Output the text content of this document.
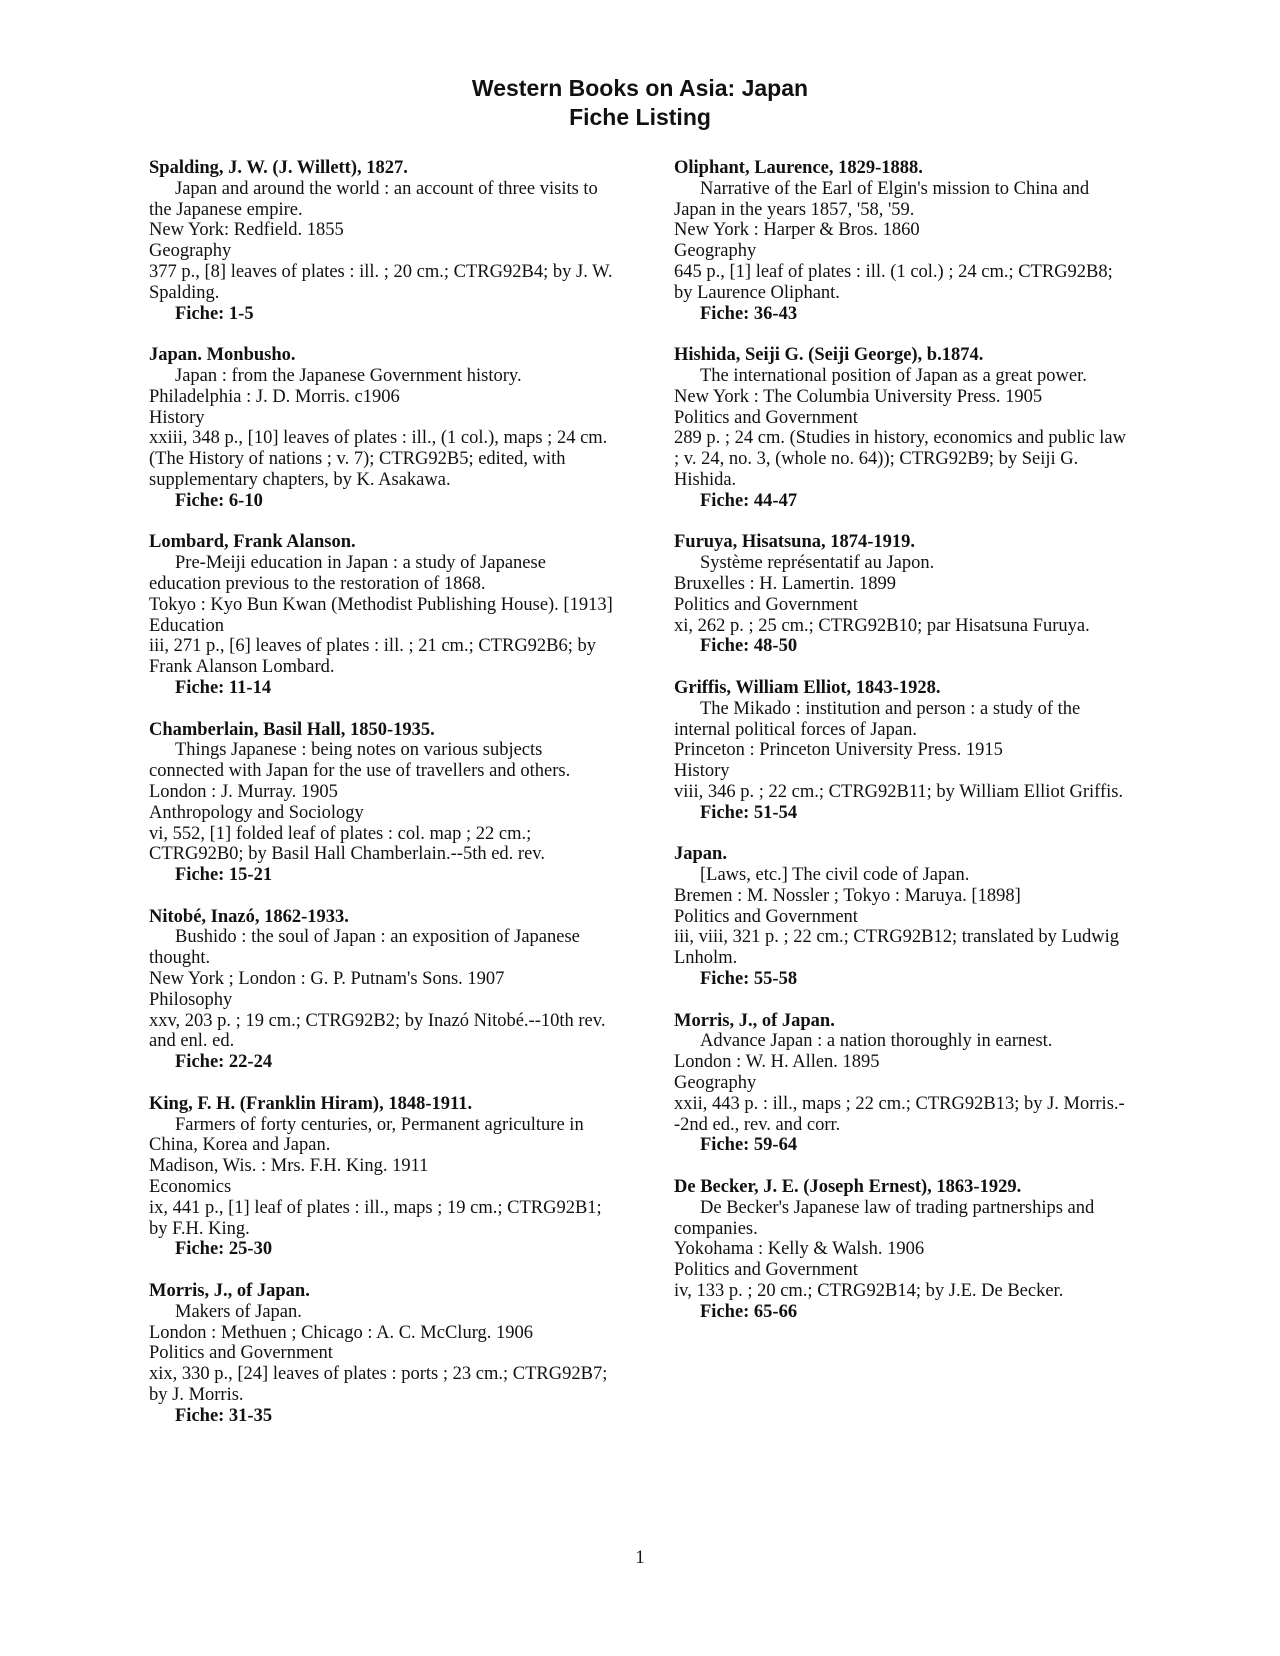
Western Books on Asia: Japan
Fiche Listing
Spalding, J. W. (J. Willett), 1827.
Japan and around the world : an account of three visits to the Japanese empire.
New York: Redfield. 1855
Geography
377 p., [8] leaves of plates : ill. ; 20 cm.; CTRG92B4; by J. W. Spalding.
Fiche: 1-5
Japan. Monbusho.
Japan : from the Japanese Government history.
Philadelphia : J. D. Morris. c1906
History
xxiii, 348 p., [10] leaves of plates : ill., (1 col.), maps ; 24 cm. (The History of nations ; v. 7); CTRG92B5; edited, with supplementary chapters, by K. Asakawa.
Fiche: 6-10
Lombard, Frank Alanson.
Pre-Meiji education in Japan : a study of Japanese education previous to the restoration of 1868.
Tokyo : Kyo Bun Kwan (Methodist Publishing House). [1913]
Education
iii, 271 p., [6] leaves of plates : ill. ; 21 cm.; CTRG92B6; by Frank Alanson Lombard.
Fiche: 11-14
Chamberlain, Basil Hall, 1850-1935.
Things Japanese : being notes on various subjects connected with Japan for the use of travellers and others.
London : J. Murray. 1905
Anthropology and Sociology
vi, 552, [1] folded leaf of plates : col. map ; 22 cm.; CTRG92B0; by Basil Hall Chamberlain.--5th ed. rev.
Fiche: 15-21
Nitobé, Inazó, 1862-1933.
Bushido : the soul of Japan : an exposition of Japanese thought.
New York ; London : G. P. Putnam's Sons. 1907
Philosophy
xxv, 203 p. ; 19 cm.; CTRG92B2; by Inazó Nitobé.--10th rev. and enl. ed.
Fiche: 22-24
King, F. H. (Franklin Hiram), 1848-1911.
Farmers of forty centuries, or, Permanent agriculture in China, Korea and Japan.
Madison, Wis. : Mrs. F.H. King. 1911
Economics
ix, 441 p., [1] leaf of plates : ill., maps ; 19 cm.; CTRG92B1; by F.H. King.
Fiche: 25-30
Morris, J., of Japan.
Makers of Japan.
London : Methuen ; Chicago : A. C. McClurg. 1906
Politics and Government
xix, 330 p., [24] leaves of plates : ports ; 23 cm.; CTRG92B7; by J. Morris.
Fiche: 31-35
Oliphant, Laurence, 1829-1888.
Narrative of the Earl of Elgin's mission to China and Japan in the years 1857, '58, '59.
New York : Harper & Bros. 1860
Geography
645 p., [1] leaf of plates : ill. (1 col.) ; 24 cm.; CTRG92B8; by Laurence Oliphant.
Fiche: 36-43
Hishida, Seiji G. (Seiji George), b.1874.
The international position of Japan as a great power.
New York : The Columbia University Press. 1905
Politics and Government
289 p. ; 24 cm. (Studies in history, economics and public law ; v. 24, no. 3, (whole no. 64)); CTRG92B9; by Seiji G. Hishida.
Fiche: 44-47
Furuya, Hisatsuna, 1874-1919.
Système représentatif au Japon.
Bruxelles : H. Lamertin. 1899
Politics and Government
xi, 262 p. ; 25 cm.; CTRG92B10; par Hisatsuna Furuya.
Fiche: 48-50
Griffis, William Elliot, 1843-1928.
The Mikado : institution and person : a study of the internal political forces of Japan.
Princeton : Princeton University Press. 1915
History
viii, 346 p. ; 22 cm.; CTRG92B11; by William Elliot Griffis.
Fiche: 51-54
Japan.
[Laws, etc.] The civil code of Japan.
Bremen : M. Nossler ; Tokyo : Maruya. [1898]
Politics and Government
iii, viii, 321 p. ; 22 cm.; CTRG92B12; translated by Ludwig Lnholm.
Fiche: 55-58
Morris, J., of Japan.
Advance Japan : a nation thoroughly in earnest.
London : W. H. Allen. 1895
Geography
xxii, 443 p. : ill., maps ; 22 cm.; CTRG92B13; by J. Morris.--2nd ed., rev. and corr.
Fiche: 59-64
De Becker, J. E. (Joseph Ernest), 1863-1929.
De Becker's Japanese law of trading partnerships and companies.
Yokohama : Kelly & Walsh. 1906
Politics and Government
iv, 133 p. ; 20 cm.; CTRG92B14; by J.E. De Becker.
Fiche: 65-66
1
